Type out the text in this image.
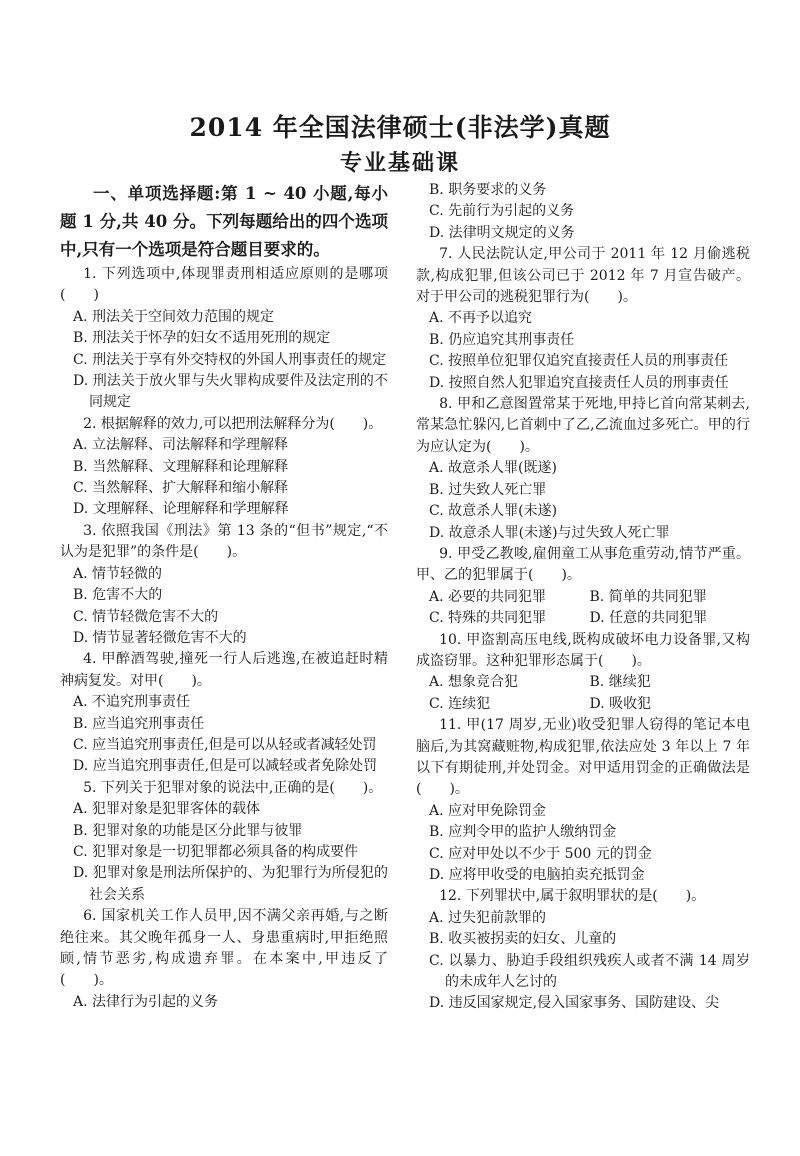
2014 年全国法律硕士(非法学)真题
专业基础课
一、单项选择题:第 1 ~ 40 小题,每小题 1 分,共 40 分。下列每题给出的四个选项中,只有一个选项是符合题目要求的。
1. 下列选项中,体现罪责刑相适应原则的是哪项(　　)
A. 刑法关于空间效力范围的规定
B. 刑法关于怀孕的妇女不适用死刑的规定
C. 刑法关于享有外交特权的外国人刑事责任的规定
D. 刑法关于放火罪与失火罪构成要件及法定刑的不同规定
2. 根据解释的效力,可以把刑法解释分为(　　)。
A. 立法解释、司法解释和学理解释
B. 当然解释、文理解释和论理解释
C. 当然解释、扩大解释和缩小解释
D. 文理解释、论理解释和学理解释
3. 依照我国《刑法》第 13 条的“但书”规定,“不认为是犯罪”的条件是(　　)。
A. 情节轻微的
B. 危害不大的
C. 情节轻微危害不大的
D. 情节显著轻微危害不大的
4. 甲醉酒驾驶,撞死一行人后逃逸,在被追赶时精神病复发。对甲(　　)。
A. 不追究刑事责任
B. 应当追究刑事责任
C. 应当追究刑事责任,但是可以从轻或者减轻处罚
D. 应当追究刑事责任,但是可以减轻或者免除处罚
5. 下列关于犯罪对象的说法中,正确的是(　　)。
A. 犯罪对象是犯罪客体的载体
B. 犯罪对象的功能是区分此罪与彼罪
C. 犯罪对象是一切犯罪都必须具备的构成要件
D. 犯罪对象是刑法所保护的、为犯罪行为所侵犯的社会关系
6. 国家机关工作人员甲,因不满父亲再婚,与之断绝往来。其父晚年孤身一人、身患重病时,甲拒绝照顾,情节恶劣,构成遗弃罪。在本案中,甲违反了(　　)。
A. 法律行为引起的义务
B. 职务要求的义务
C. 先前行为引起的义务
D. 法律明文规定的义务
7. 人民法院认定,甲公司于 2011 年 12 月偷逃税款,构成犯罪,但该公司已于 2012 年 7 月宣告破产。对于甲公司的逃税犯罪行为(　　)。
A. 不再予以追究
B. 仍应追究其刑事责任
C. 按照单位犯罪仅追究直接责任人员的刑事责任
D. 按照自然人犯罪追究直接责任人员的刑事责任
8. 甲和乙意图置常某于死地,甲持匕首向常某刺去,常某急忙躲闪,匕首刺中了乙,乙流血过多死亡。甲的行为应认定为(　　)。
A. 故意杀人罪(既遂)
B. 过失致人死亡罪
C. 故意杀人罪(未遂)
D. 故意杀人罪(未遂)与过失致人死亡罪
9. 甲受乙教唆,雇佣童工从事危重劳动,情节严重。甲、乙的犯罪属于(　　)。
A. 必要的共同犯罪	B. 简单的共同犯罪
C. 特殊的共同犯罪	D. 任意的共同犯罪
10. 甲盗割高压电线,既构成破坏电力设备罪,又构成盗窃罪。这种犯罪形态属于(　　)。
A. 想象竞合犯	B. 继续犯
C. 连续犯	D. 吸收犯
11. 甲(17 周岁,无业)收受犯罪人窃得的笔记本电脑后,为其窝藏赃物,构成犯罪,依法应处 3 年以上 7 年以下有期徒刑,并处罚金。对甲适用罚金的正确做法是(　　)。
A. 应对甲免除罚金
B. 应判令甲的监护人缴纳罚金
C. 应对甲处以不少于 500 元的罚金
D. 应将甲收受的电脑拍卖充抵罚金
12. 下列罪状中,属于叙明罪状的是(　　)。
A. 过失犯前款罪的
B. 收买被拐卖的妇女、儿童的
C. 以暴力、胁迫手段组织残疾人或者不满 14 周岁的未成年人乞讨的
D. 违反国家规定,侵入国家事务、国防建设、尖
